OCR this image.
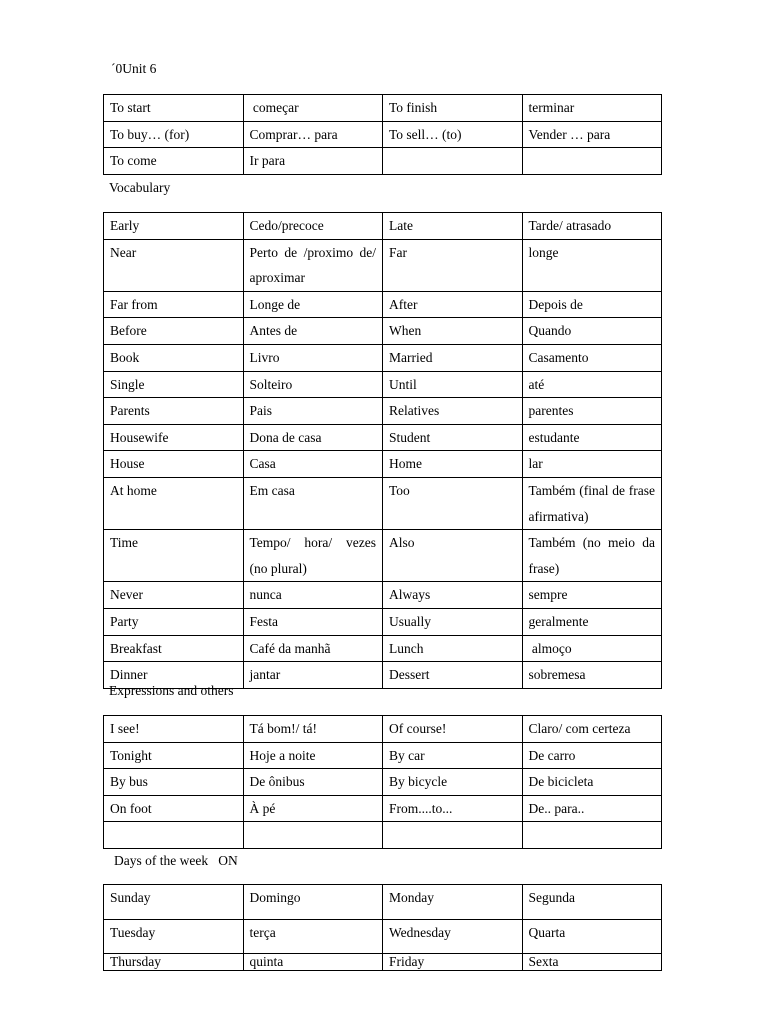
´0Unit 6
To start	começar	To finish	terminar
To buy… (for)	Comprar… para	To sell… (to)	Vender … para
To come	Ir para		
Vocabulary
Early	Cedo/precoce	Late	Tarde/ atrasado
Near	Perto de /proximo de/ aproximar	Far	longe
Far from	Longe de	After	Depois de
Before	Antes de	When	Quando
Book	Livro	Married	Casamento
Single	Solteiro	Until	até
Parents	Pais	Relatives	parentes
Housewife	Dona de casa	Student	estudante
House	Casa	Home	lar
At home	Em casa	Too	Também (final de frase afirmativa)
Time	Tempo/ hora/ vezes (no plural)	Also	Também (no meio da frase)
Never	nunca	Always	sempre
Party	Festa	Usually	geralmente
Breakfast	Café da manhã	Lunch	almoço
Dinner	jantar	Dessert	sobremesa
Expressions and others
I see!	Tá bom!/ tá!	Of course!	Claro/ com certeza
Tonight	Hoje a noite	By car	De carro
By bus	De ônibus	By bicycle	De bicicleta
On foot	À pé	From....to...	De.. para..

Days of the week   ON
Sunday	Domingo	Monday	Segunda
Tuesday	terça	Wednesday	Quarta
Thursday	quinta	Friday	Sexta
